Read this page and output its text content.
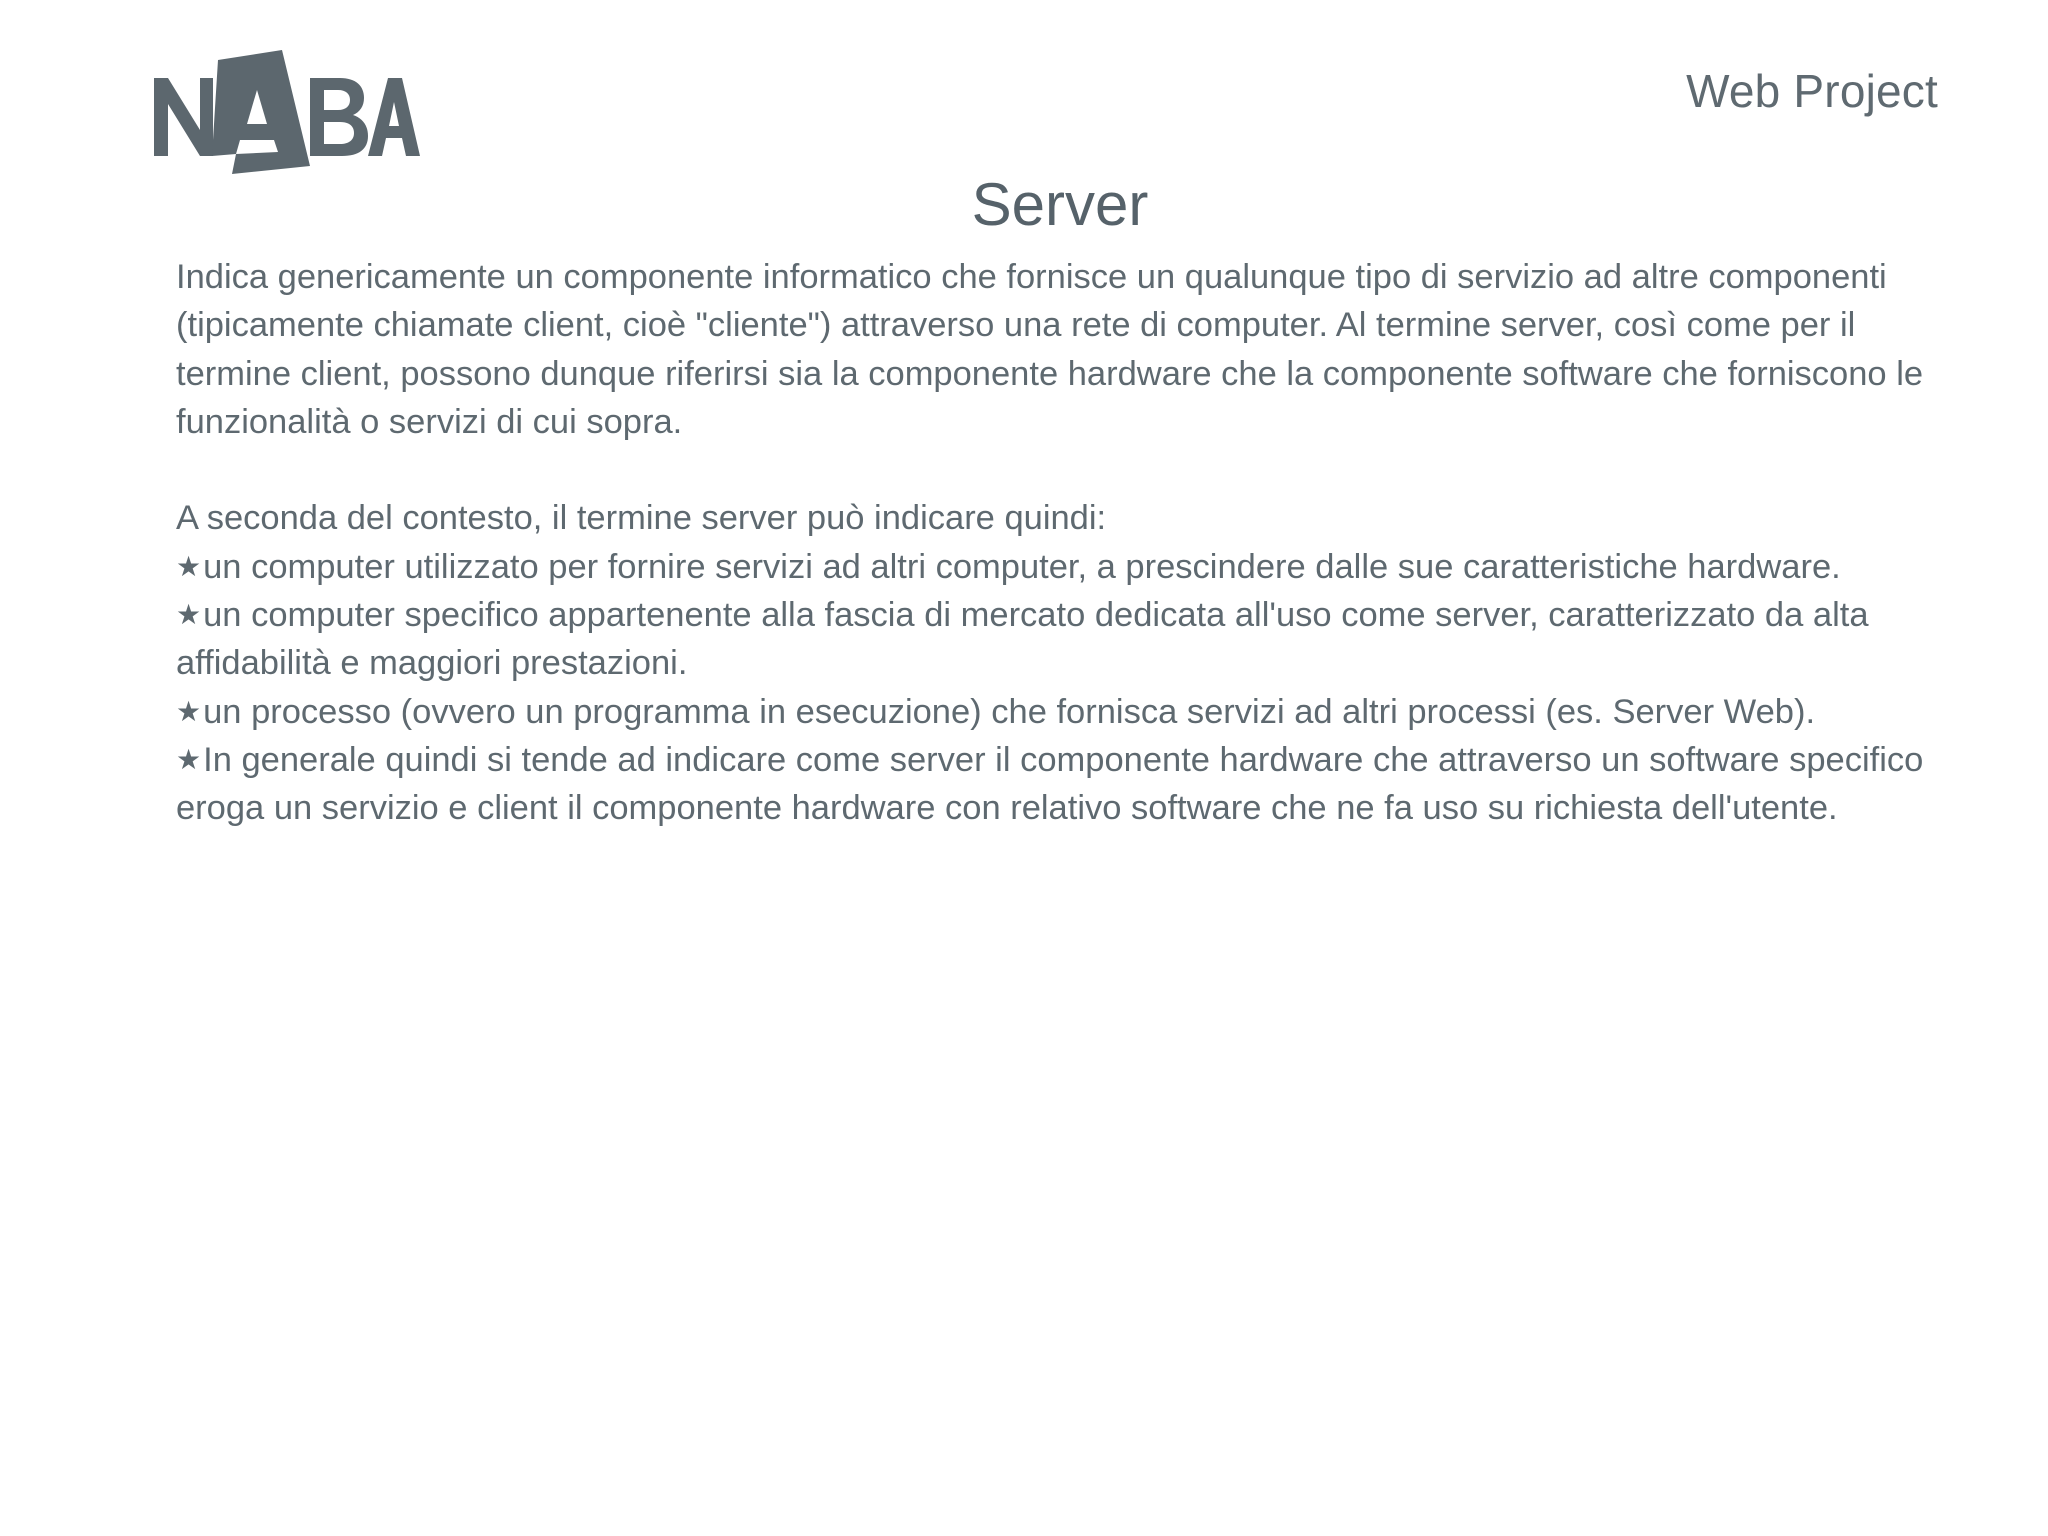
Web Project
Server

Indica genericamente un componente informatico che fornisce un qualunque tipo di servizio ad altre componenti (tipicamente chiamate client, cioè "cliente") attraverso una rete di computer. Al termine server, così come per il termine client, possono dunque riferirsi sia la componente hardware che la componente software che forniscono le funzionalità o servizi di cui sopra.

A seconda del contesto, il termine server può indicare quindi:

★un computer utilizzato per fornire servizi ad altri computer, a prescindere dalle sue caratteristiche hardware.

★un computer specifico appartenente alla fascia di mercato dedicata all'uso come server, caratterizzato da alta affidabilità e maggiori prestazioni.

★un processo (ovvero un programma in esecuzione) che fornisca servizi ad altri processi (es. Server Web).

★In generale quindi si tende ad indicare come server il componente hardware che attraverso un software specifico eroga un servizio e client il componente hardware con relativo software che ne fa uso su richiesta dell'utente.
